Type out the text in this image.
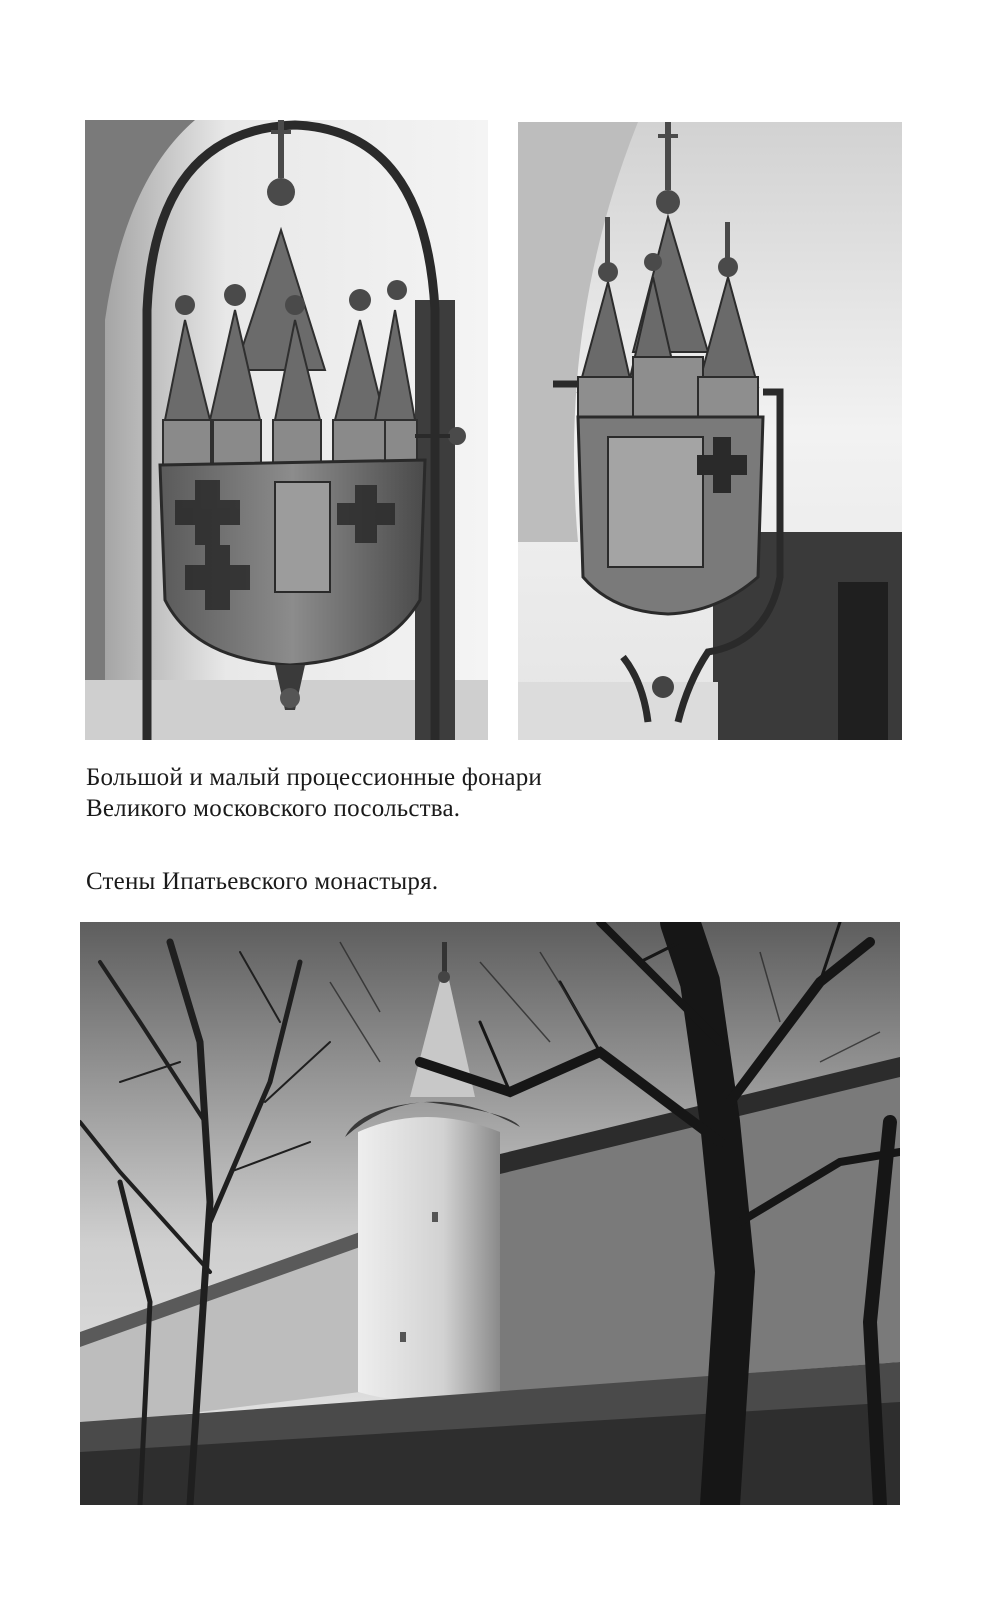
Большой и малый процессионные фонари
Великого московского посольства.
Стены Ипатьевского монастыря.
